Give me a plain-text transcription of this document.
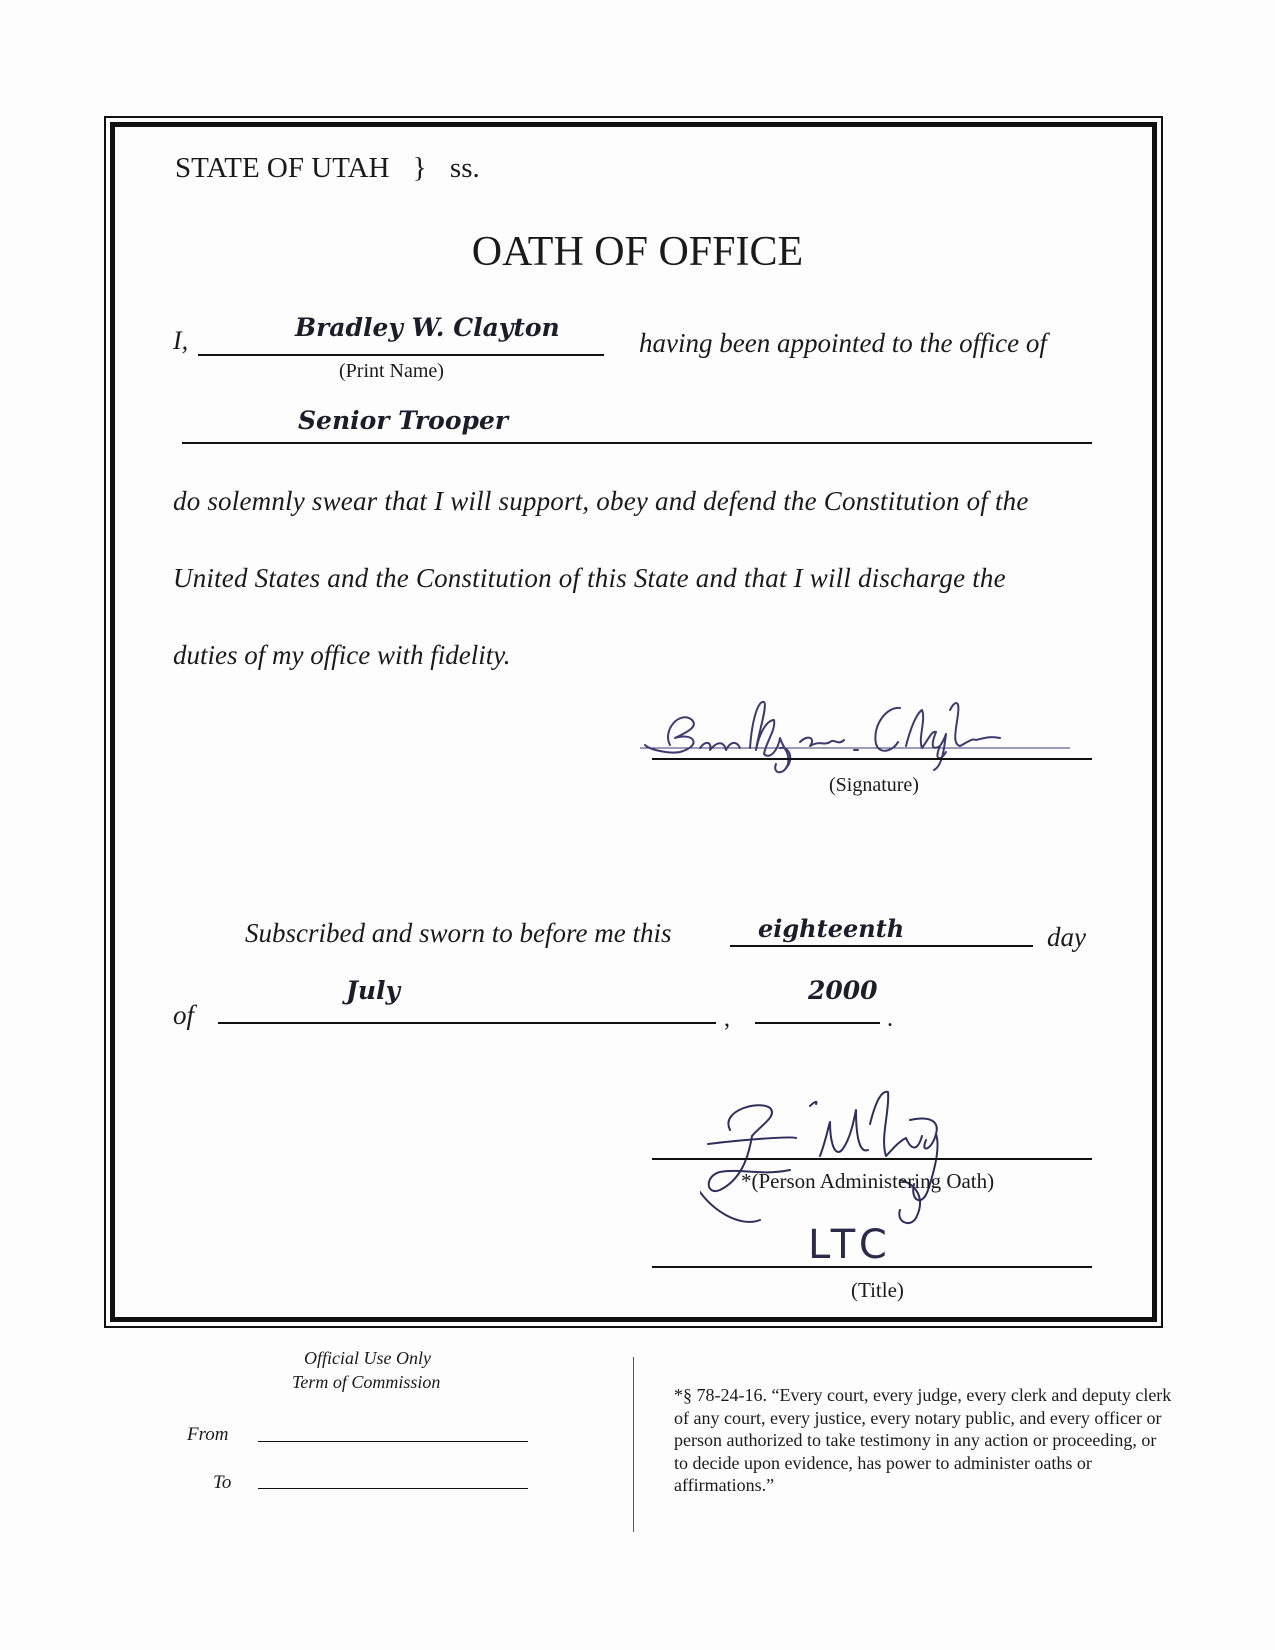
STATE OF UTAH } ss.
OATH OF OFFICE
I,	Bradley W. Clayton
(Print Name)
having been appointed to the office of
Senior Trooper
do solemnly swear that I will support, obey and defend the Constitution of the
United States and the Constitution of this State and that I will discharge the
duties of my office with fidelity.
(Signature)
Subscribed and sworn to before me this	eighteenth	day
of
July
,
2000
.
*(Person Administering Oath)
LTC
(Title)
Official Use Only
Term of Commission
From
To
*§ 78-24-16. “Every court, every judge, every clerk and deputy clerk of any court, every justice, every notary public, and every officer or person authorized to take testimony in any action or proceeding, or to decide upon evidence, has power to administer oaths or affirmations.”
